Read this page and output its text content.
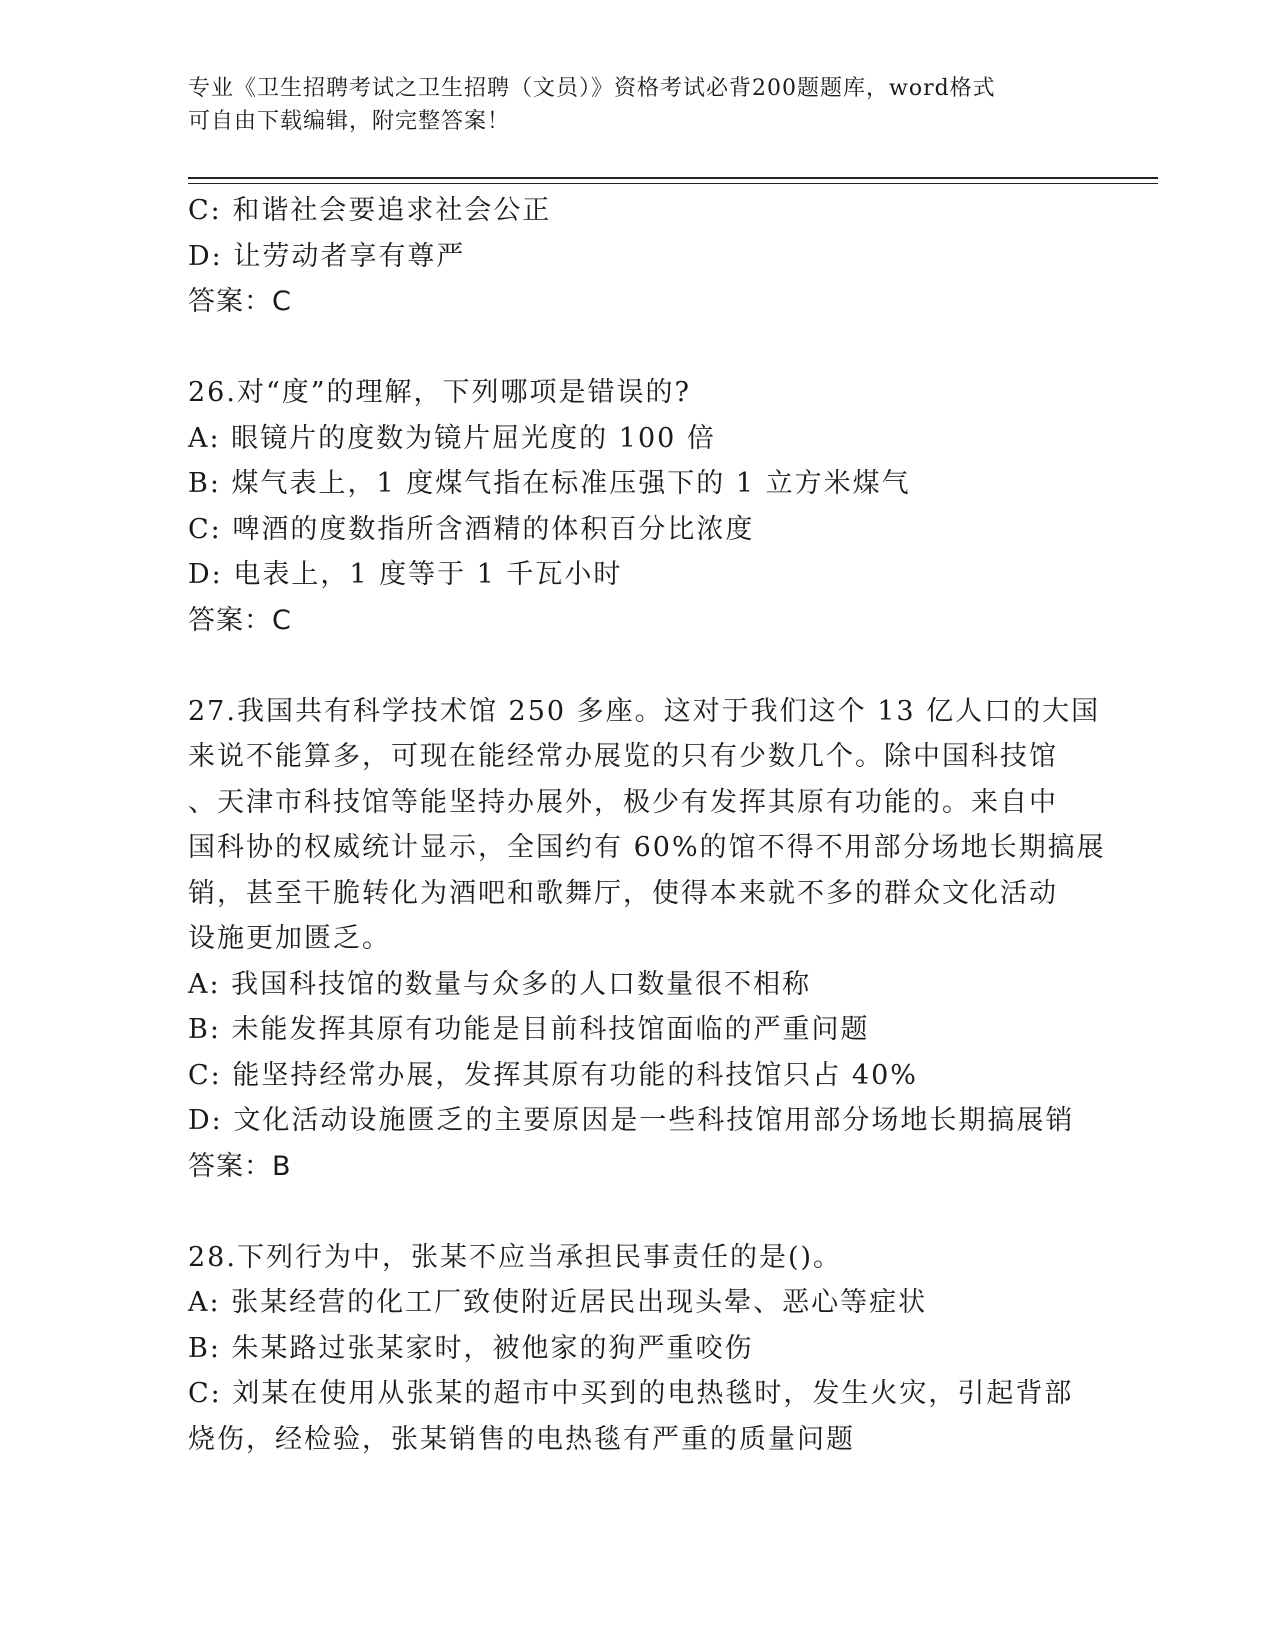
专业《卫生招聘考试之卫生招聘（文员）》资格考试必背200题题库，word格式
可自由下载编辑，附完整答案！
C: 和谐社会要追求社会公正
D: 让劳动者享有尊严
答案：C
26.对“度”的理解，下列哪项是错误的?
A: 眼镜片的度数为镜片屈光度的 100 倍
B: 煤气表上，1 度煤气指在标准压强下的 1 立方米煤气
C: 啤酒的度数指所含酒精的体积百分比浓度
D: 电表上，1 度等于 1 千瓦小时
答案：C
27.我国共有科学技术馆 250 多座。这对于我们这个 13 亿人口的大国
来说不能算多，可现在能经常办展览的只有少数几个。除中国科技馆
、天津市科技馆等能坚持办展外，极少有发挥其原有功能的。来自中
国科协的权威统计显示，全国约有 60%的馆不得不用部分场地长期搞展
销，甚至干脆转化为酒吧和歌舞厅，使得本来就不多的群众文化活动
设施更加匮乏。
A: 我国科技馆的数量与众多的人口数量很不相称
B: 未能发挥其原有功能是目前科技馆面临的严重问题
C: 能坚持经常办展，发挥其原有功能的科技馆只占 40%
D: 文化活动设施匮乏的主要原因是一些科技馆用部分场地长期搞展销
答案：B
28.下列行为中，张某不应当承担民事责任的是()。
A: 张某经营的化工厂致使附近居民出现头晕、恶心等症状
B: 朱某路过张某家时，被他家的狗严重咬伤
C: 刘某在使用从张某的超市中买到的电热毯时，发生火灾，引起背部
烧伤，经检验，张某销售的电热毯有严重的质量问题
